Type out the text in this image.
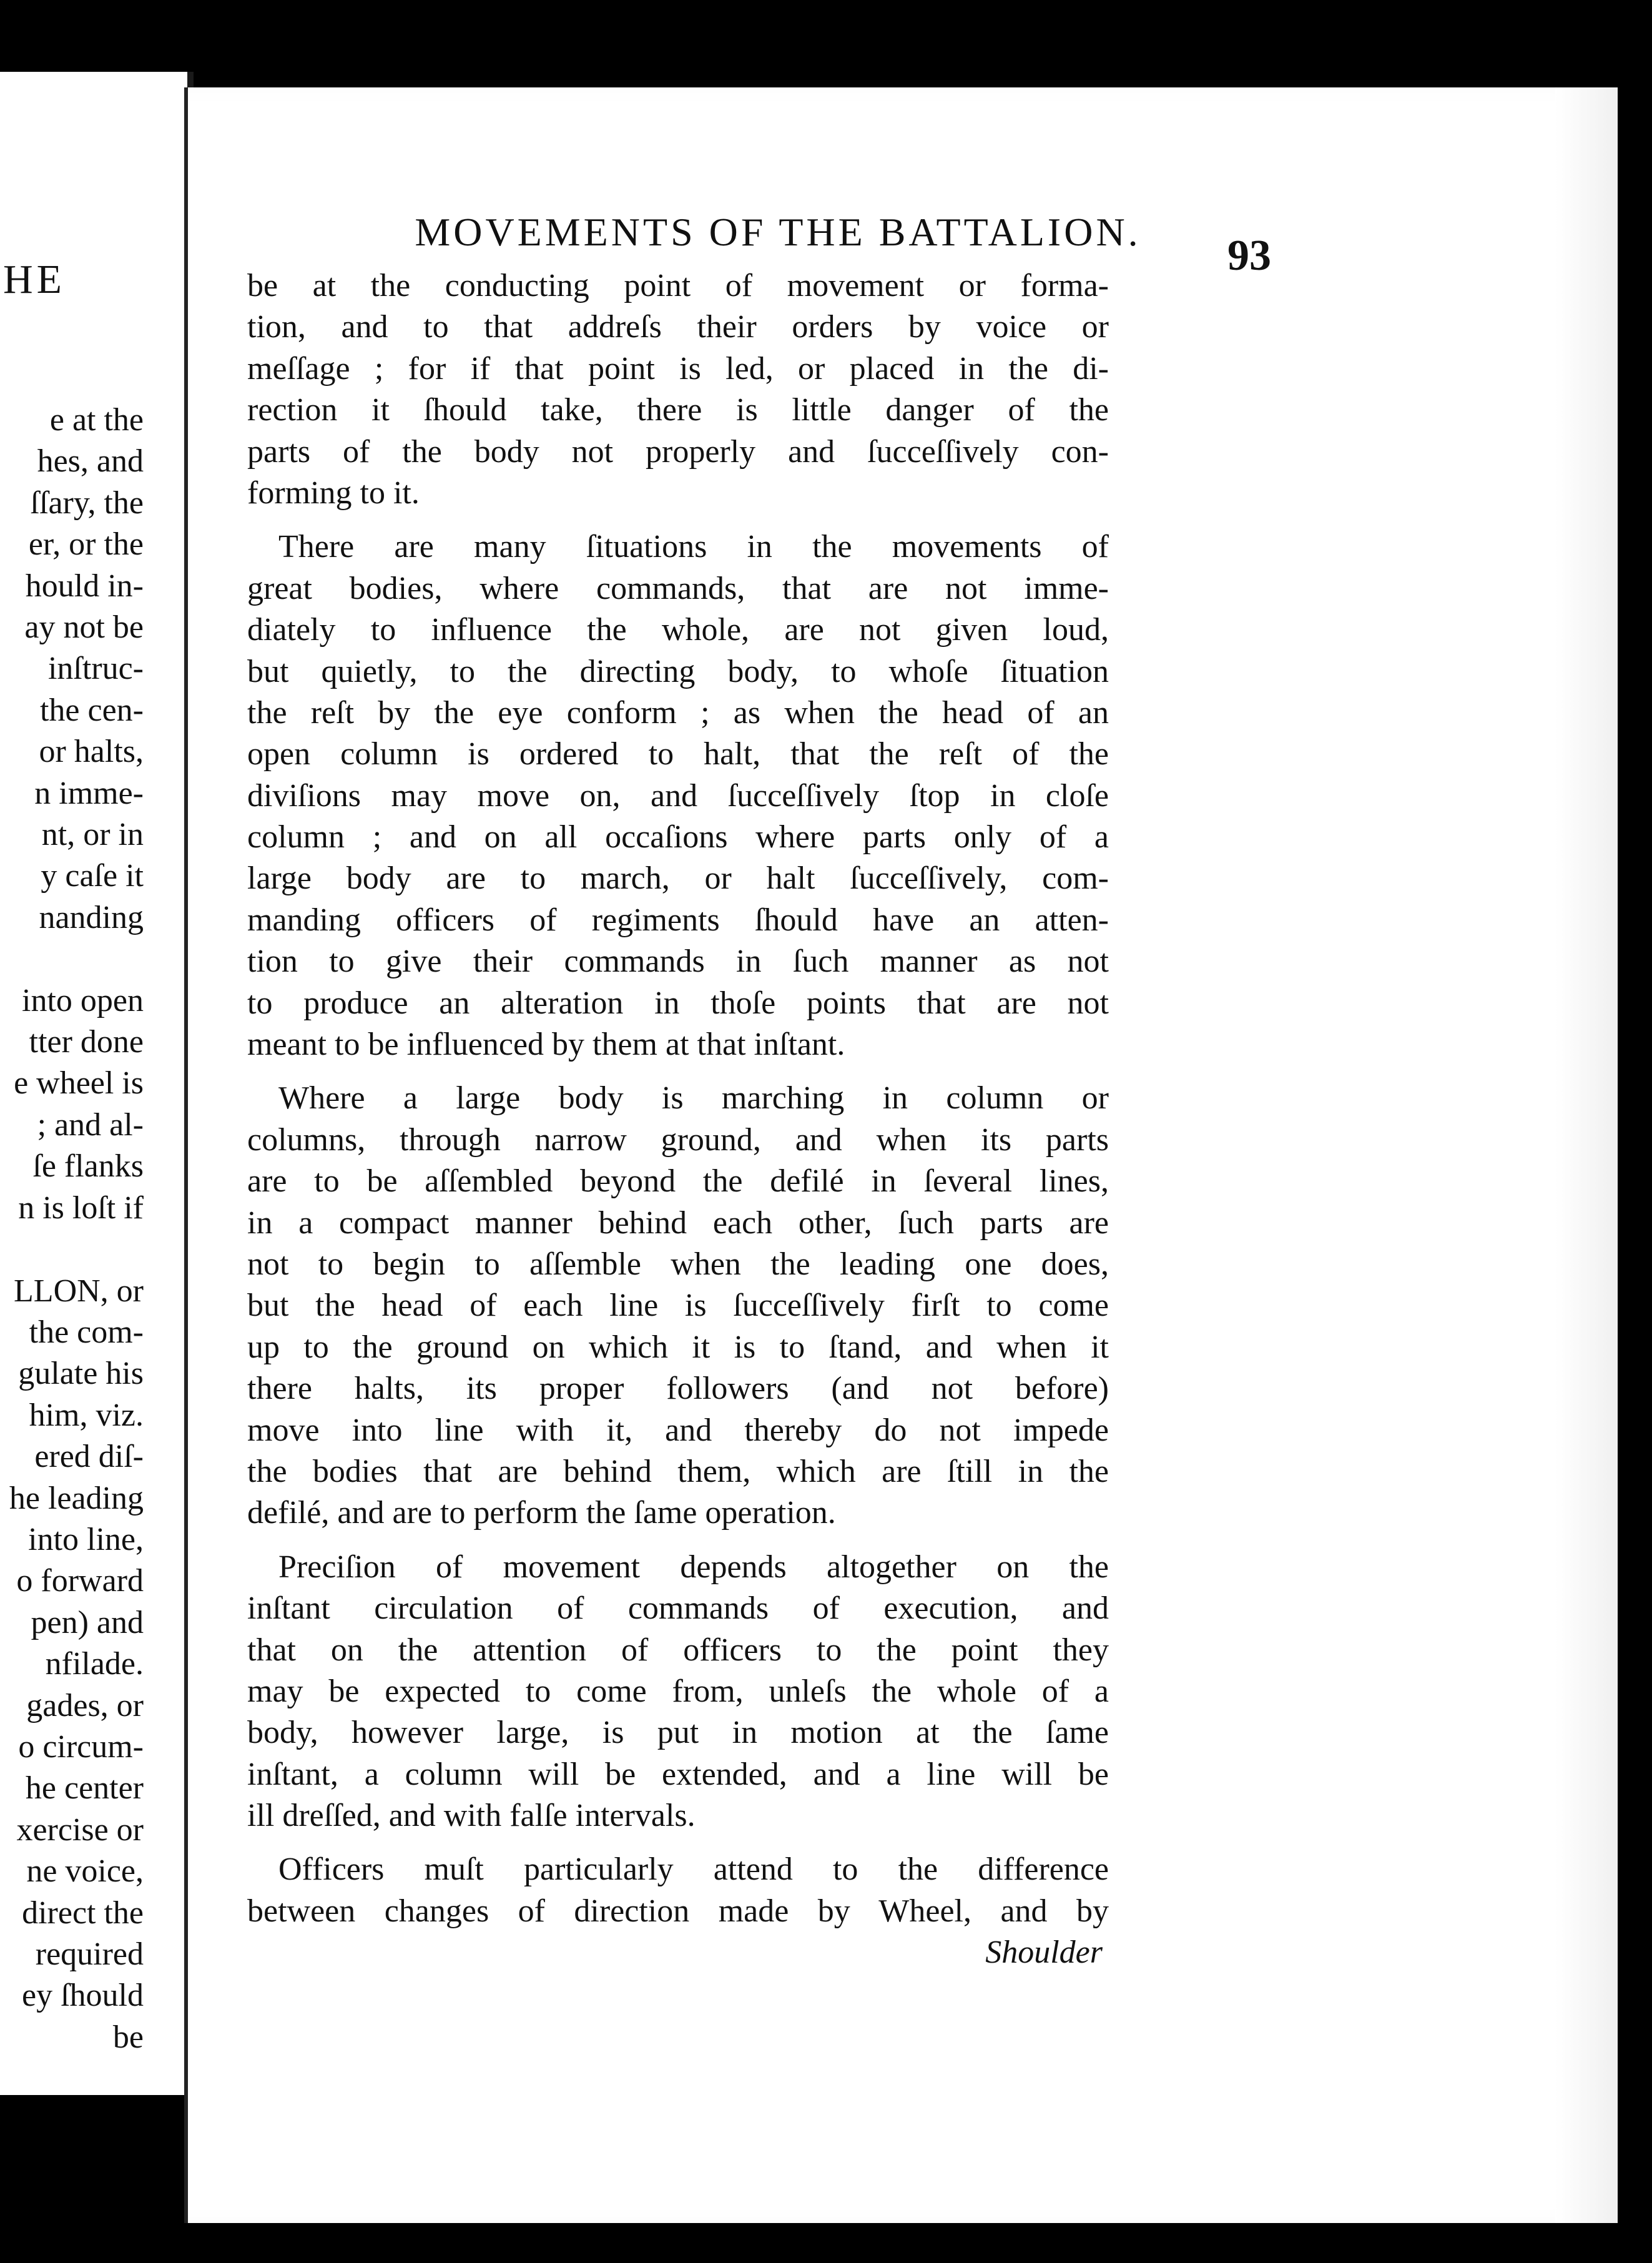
HE
e at the
hes, and
ſſary, the
er, or the
hould in-
ay not be
inſtruc-
the cen-
or halts,
n imme-
nt, or in
y caſe it
nanding
into open
tter done
e wheel is
; and al-
ſe flanks
n is loſt if
LLON, or
the com-
gulate his
him, viz.
ered diſ-
he leading
into line,
o forward
pen) and
nfilade.
gades, or
o circum-
he center
xercise or
ne voice,
direct the
required
ey ſhould
be
MOVEMENTS OF THE BATTALION.	93
be at the conducting point of movement or forma-
tion, and to that addreſs their orders by voice or
meſſage ; for if that point is led, or placed in the di-
rection it ſhould take, there is little danger of the
parts of the body not properly and ſucceſſively con-
forming to it.
There are many ſituations in the movements of
great bodies, where commands, that are not imme-
diately to influence the whole, are not given loud,
but quietly, to the directing body, to whoſe ſituation
the reſt by the eye conform ; as when the head of an
open column is ordered to halt, that the reſt of the
diviſions may move on, and ſucceſſively ſtop in cloſe
column ; and on all occaſions where parts only of a
large body are to march, or halt ſucceſſively, com-
manding officers of regiments ſhould have an atten-
tion to give their commands in ſuch manner as not
to produce an alteration in thoſe points that are not
meant to be influenced by them at that inſtant.
Where a large body is marching in column or
columns, through narrow ground, and when its parts
are to be aſſembled beyond the defilé in ſeveral lines,
in a compact manner behind each other, ſuch parts are
not to begin to aſſemble when the leading one does,
but the head of each line is ſucceſſively firſt to come
up to the ground on which it is to ſtand, and when it
there halts, its proper followers (and not before)
move into line with it, and thereby do not impede
the bodies that are behind them, which are ſtill in the
defilé, and are to perform the ſame operation.
Preciſion of movement depends altogether on the
inſtant circulation of commands of execution, and
that on the attention of officers to the point they
may be expected to come from, unleſs the whole of a
body, however large, is put in motion at the ſame
inſtant, a column will be extended, and a line will be
ill dreſſed, and with falſe intervals.
Officers muſt particularly attend to the difference
between changes of direction made by Wheel, and by
Shoulder
